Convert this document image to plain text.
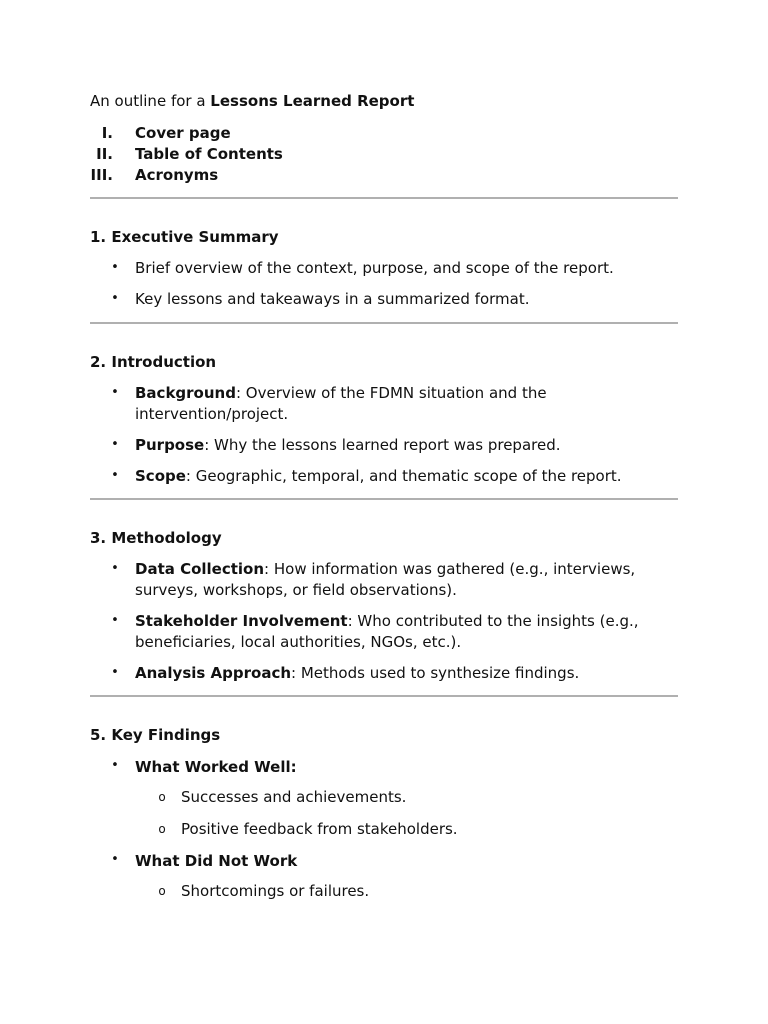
An outline for a Lessons Learned Report
I. Cover page
II. Table of Contents
III. Acronyms
1. Executive Summary
• Brief overview of the context, purpose, and scope of the report.
• Key lessons and takeaways in a summarized format.
2. Introduction
• Background: Overview of the FDMN situation and the
intervention/project.
• Purpose: Why the lessons learned report was prepared.
• Scope: Geographic, temporal, and thematic scope of the report.
3. Methodology
• Data Collection: How information was gathered (e.g., interviews,
surveys, workshops, or field observations).
• Stakeholder Involvement: Who contributed to the insights (e.g.,
beneficiaries, local authorities, NGOs, etc.).
• Analysis Approach: Methods used to synthesize findings.
5. Key Findings
• What Worked Well:
o Successes and achievements.
o Positive feedback from stakeholders.
• What Did Not Work
o Shortcomings or failures.
